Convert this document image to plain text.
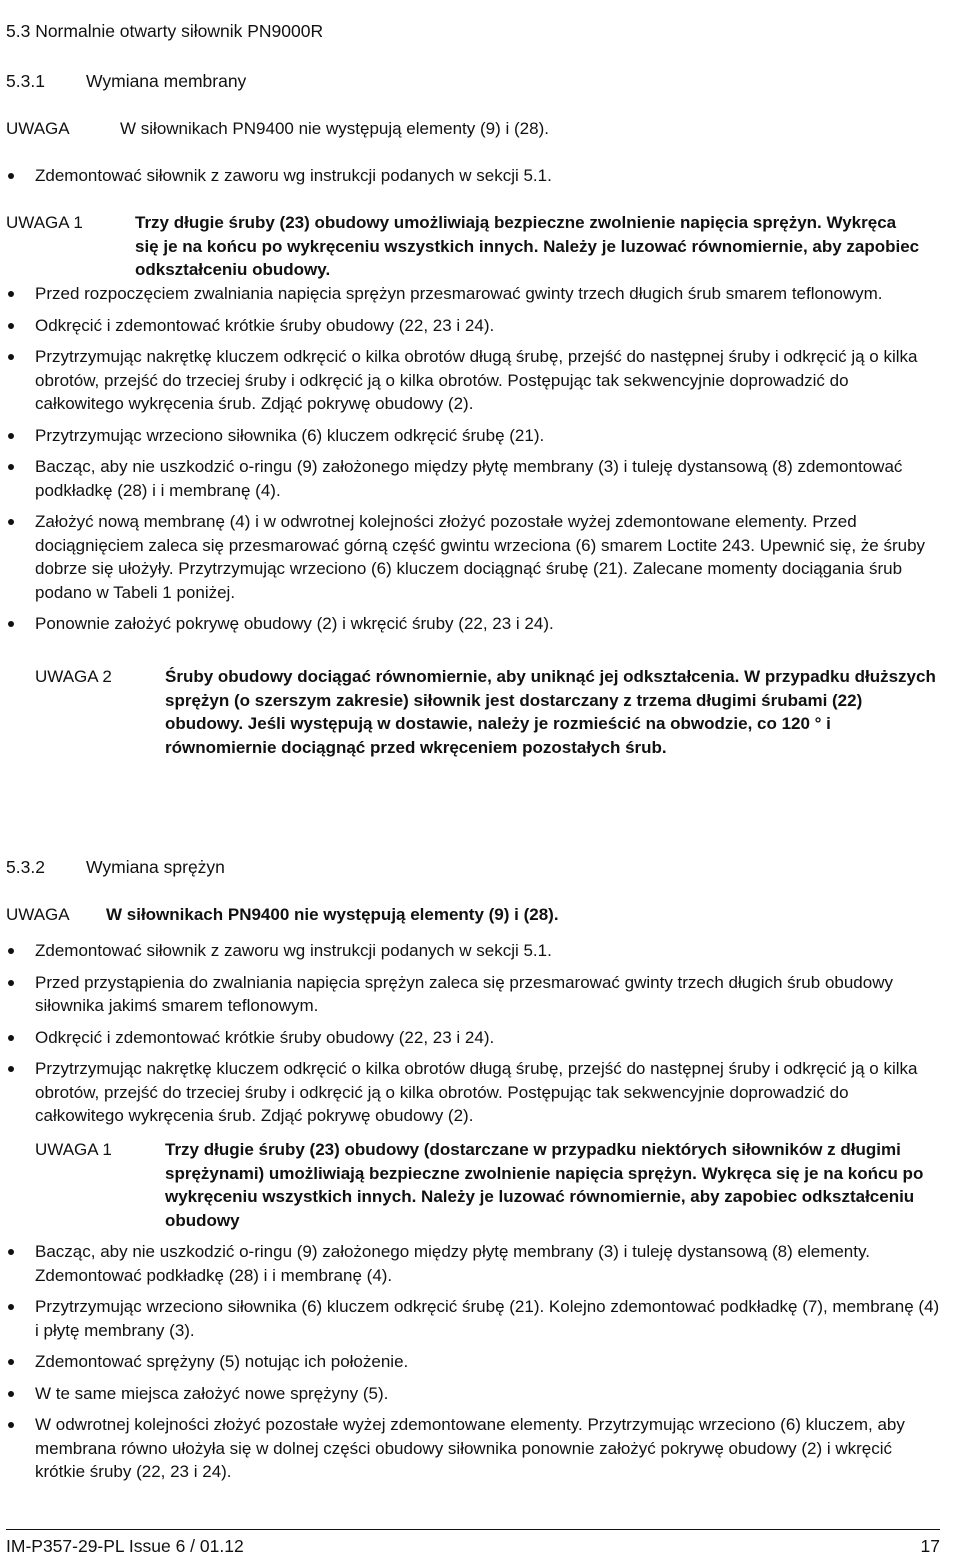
5.3 Normalnie otwarty siłownik PN9000R
5.3.1 Wymiana membrany
UWAGA	W siłownikach PN9400 nie występują elementy (9) i (28).
Zdemontować siłownik z zaworu wg instrukcji podanych w sekcji 5.1.
UWAGA 1	Trzy długie śruby (23) obudowy umożliwiają bezpieczne zwolnienie napięcia sprężyn. Wykręca się je na końcu po wykręceniu wszystkich innych. Należy je luzować równomiernie, aby zapobiec odkształceniu obudowy.
Przed rozpoczęciem zwalniania napięcia sprężyn przesmarować gwinty trzech długich śrub smarem teflonowym.
Odkręcić i zdemontować krótkie śruby obudowy (22, 23 i 24).
Przytrzymując nakrętkę kluczem odkręcić o kilka obrotów długą śrubę, przejść do następnej śruby i odkręcić ją o kilka obrotów, przejść do trzeciej śruby i odkręcić ją o kilka obrotów. Postępując tak sekwencyjnie doprowadzić do całkowitego wykręcenia śrub. Zdjąć pokrywę obudowy (2).
Przytrzymując wrzeciono siłownika (6) kluczem odkręcić śrubę (21).
Bacząc, aby nie uszkodzić o-ringu (9) założonego między płytę membrany (3) i tuleję dystansową (8) zdemontować podkładkę (28) i i membranę (4).
Założyć nową membranę (4) i w odwrotnej kolejności złożyć pozostałe wyżej zdemontowane elementy. Przed dociągnięciem zaleca się przesmarować górną część gwintu wrzeciona (6) smarem Loctite 243. Upewnić się, że śruby dobrze się ułożyły. Przytrzymując wrzeciono (6) kluczem dociągnąć śrubę (21). Zalecane momenty dociągania śrub podano w Tabeli 1 poniżej.
Ponownie założyć pokrywę obudowy (2) i wkręcić śruby (22, 23 i 24).
UWAGA 2	Śruby obudowy dociągać równomiernie, aby uniknąć jej odkształcenia. W przypadku dłuższych sprężyn (o szerszym zakresie) siłownik jest dostarczany z trzema długimi śrubami (22) obudowy. Jeśli występują w dostawie, należy je rozmieścić na obwodzie, co 120 ° i równomiernie dociągnąć przed wkręceniem pozostałych śrub.
5.3.2 Wymiana sprężyn
UWAGA W siłownikach PN9400 nie występują elementy (9) i (28).
Zdemontować siłownik z zaworu wg instrukcji podanych w sekcji 5.1.
Przed przystąpienia do zwalniania napięcia sprężyn zaleca się przesmarować gwinty trzech długich śrub obudowy siłownika jakimś smarem teflonowym.
Odkręcić i zdemontować krótkie śruby obudowy (22, 23 i 24).
Przytrzymując nakrętkę kluczem odkręcić o kilka obrotów długą śrubę, przejść do następnej śruby i odkręcić ją o kilka obrotów, przejść do trzeciej śruby i odkręcić ją o kilka obrotów. Postępując tak sekwencyjnie doprowadzić do całkowitego wykręcenia śrub. Zdjąć pokrywę obudowy (2).
UWAGA 1	Trzy długie śruby (23) obudowy (dostarczane w przypadku niektórych siłowników z długimi sprężynami) umożliwiają bezpieczne zwolnienie napięcia sprężyn. Wykręca się je na końcu po wykręceniu wszystkich innych. Należy je luzować równomiernie, aby zapobiec odkształceniu obudowy
Bacząc, aby nie uszkodzić o-ringu (9) założonego między płytę membrany (3) i tuleję dystansową (8) elementy. Zdemontować podkładkę (28) i i membranę (4).
Przytrzymując wrzeciono siłownika (6) kluczem odkręcić śrubę (21). Kolejno zdemontować podkładkę (7), membranę (4) i płytę membrany (3).
Zdemontować sprężyny (5) notując ich położenie.
W te same miejsca założyć nowe sprężyny (5).
W odwrotnej kolejności złożyć pozostałe wyżej zdemontowane elementy. Przytrzymując wrzeciono (6) kluczem, aby membrana równo ułożyła się w dolnej części obudowy siłownika ponownie założyć pokrywę obudowy (2) i wkręcić krótkie śruby (22, 23 i 24).
IM-P357-29-PL Issue 6 / 01.12	17
